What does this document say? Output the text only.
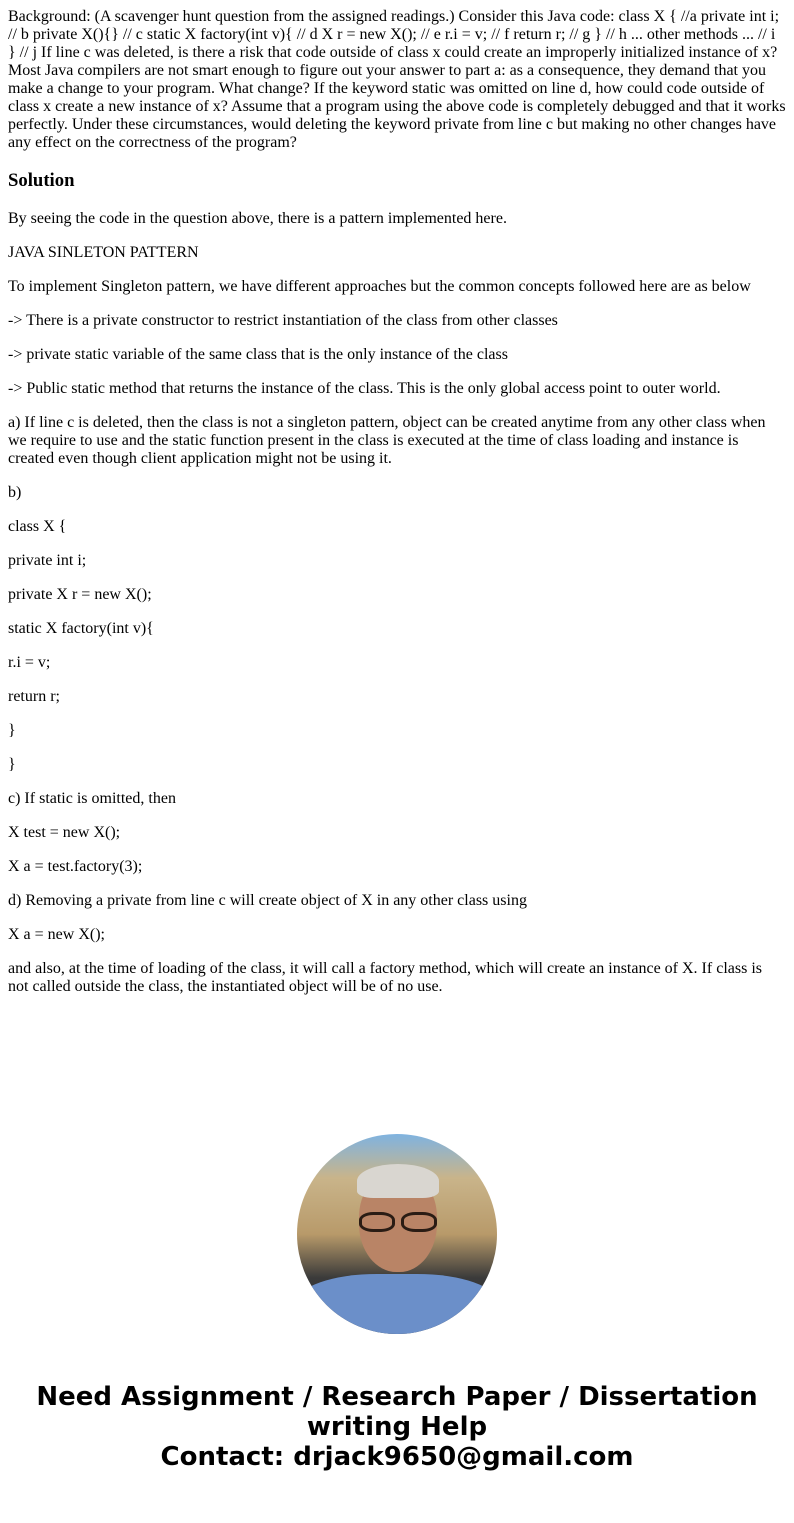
Background: (A scavenger hunt question from the assigned readings.) Consider this Java code: class X { //a private int i; // b private X(){} // c static X factory(int v){ // d X r = new X(); // e r.i = v; // f return r; // g } // h ... other methods ... // i } // j If line c was deleted, is there a risk that code outside of class x could create an improperly initialized instance of x? Most Java compilers are not smart enough to figure out your answer to part a: as a consequence, they demand that you make a change to your program. What change? If the keyword static was omitted on line d, how could code outside of class x create a new instance of x? Assume that a program using the above code is completely debugged and that it works perfectly. Under these circumstances, would deleting the keyword private from line c but making no other changes have any effect on the correctness of the program?

Solution

By seeing the code in the question above, there is a pattern implemented here.

JAVA SINLETON PATTERN

To implement Singleton pattern, we have different approaches but the common concepts followed here are as below

-> There is a private constructor to restrict instantiation of the class from other classes

-> private static variable of the same class that is the only instance of the class

-> Public static method that returns the instance of the class. This is the only global access point to outer world.

a) If line c is deleted, then the class is not a singleton pattern, object can be created anytime from any other class when we require to use and the static function present in the class is executed at the time of class loading and instance is created even though client application might not be using it.

b)

class X {

private int i;

private X r = new X();

static X factory(int v){

r.i = v;

return r;

}

}

c) If static is omitted, then

X test = new X();

X a = test.factory(3);

d) Removing a private from line c will create object of X in any other class using

X a = new X();

and also, at the time of loading of the class, it will call a factory method, which will create an instance of X. If class is not called outside the class, the instantiated object will be of no use.

Need Assignment / Research Paper / Dissertation writing Help
Contact: drjack9650@gmail.com
